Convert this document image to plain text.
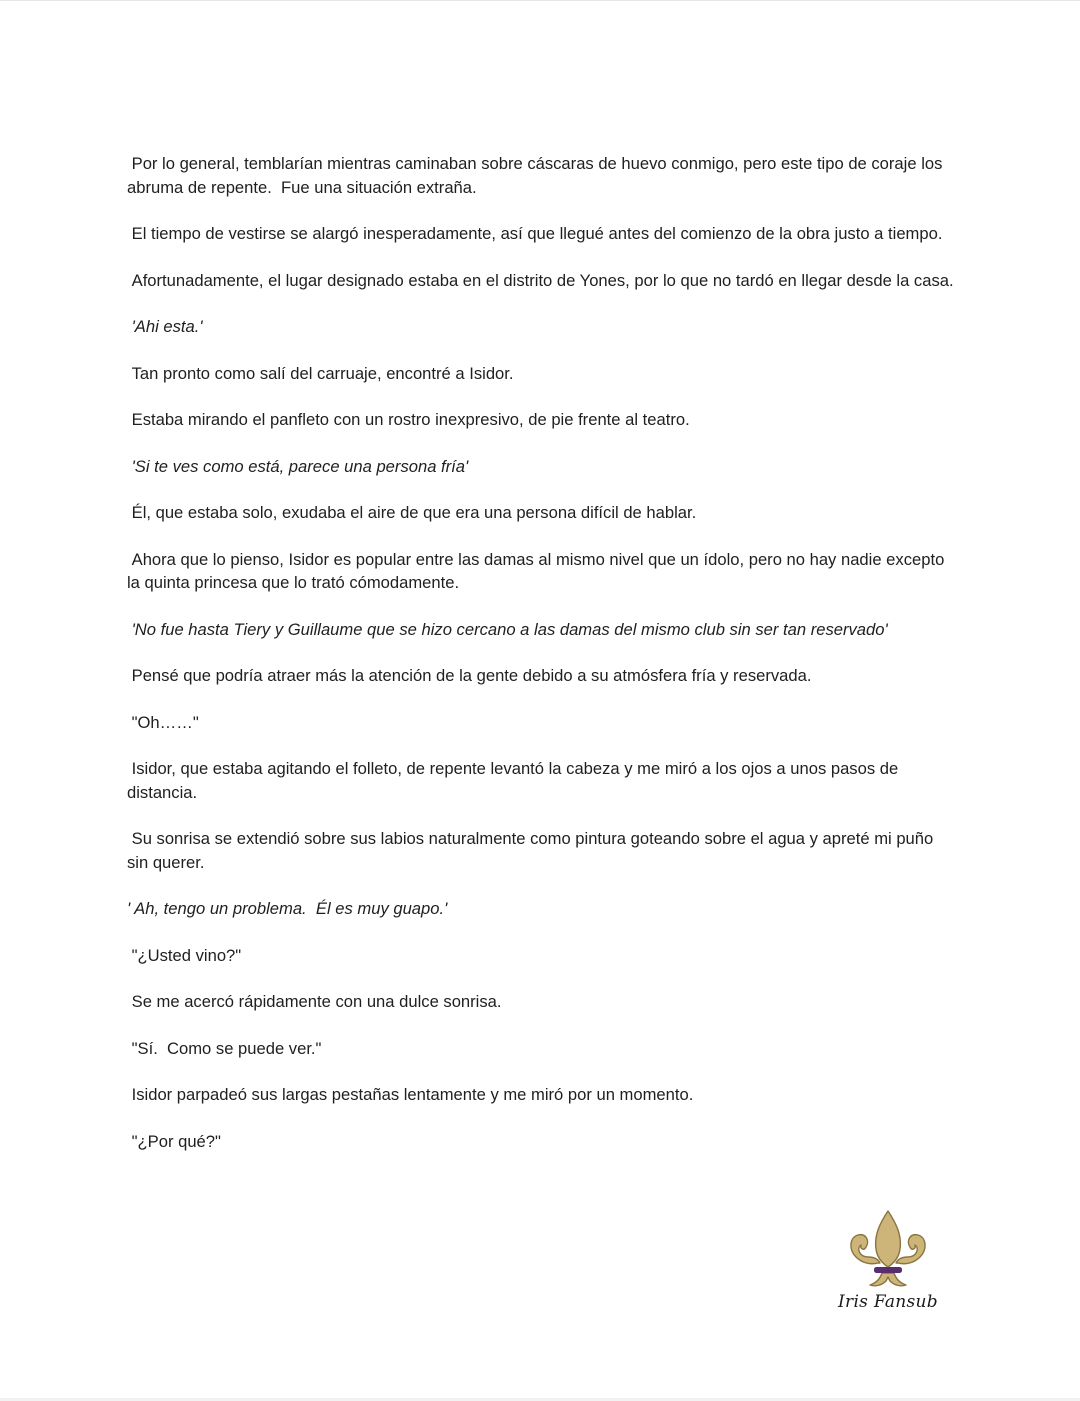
Por lo general, temblarían mientras caminaban sobre cáscaras de huevo conmigo, pero este tipo de coraje los abruma de repente.  Fue una situación extraña.

El tiempo de vestirse se alargó inesperadamente, así que llegué antes del comienzo de la obra justo a tiempo.

Afortunadamente, el lugar designado estaba en el distrito de Yones, por lo que no tardó en llegar desde la casa.

'Ahi esta.'

Tan pronto como salí del carruaje, encontré a Isidor.

Estaba mirando el panfleto con un rostro inexpresivo, de pie frente al teatro.

'Si te ves como está, parece una persona fría'

Él, que estaba solo, exudaba el aire de que era una persona difícil de hablar.

Ahora que lo pienso, Isidor es popular entre las damas al mismo nivel que un ídolo, pero no hay nadie excepto la quinta princesa que lo trató cómodamente.

'No fue hasta Tiery y Guillaume que se hizo cercano a las damas del mismo club sin ser tan reservado'

Pensé que podría atraer más la atención de la gente debido a su atmósfera fría y reservada.

"Oh……"

Isidor, que estaba agitando el folleto, de repente levantó la cabeza y me miró a los ojos a unos pasos de distancia.

Su sonrisa se extendió sobre sus labios naturalmente como pintura goteando sobre el agua y apreté mi puño sin querer.

' Ah, tengo un problema.  Él es muy guapo.'

"¿Usted vino?"

Se me acercó rápidamente con una dulce sonrisa.

"Sí.  Como se puede ver."

Isidor parpadeó sus largas pestañas lentamente y me miró por un momento.

"¿Por qué?"

Iris Fansub
